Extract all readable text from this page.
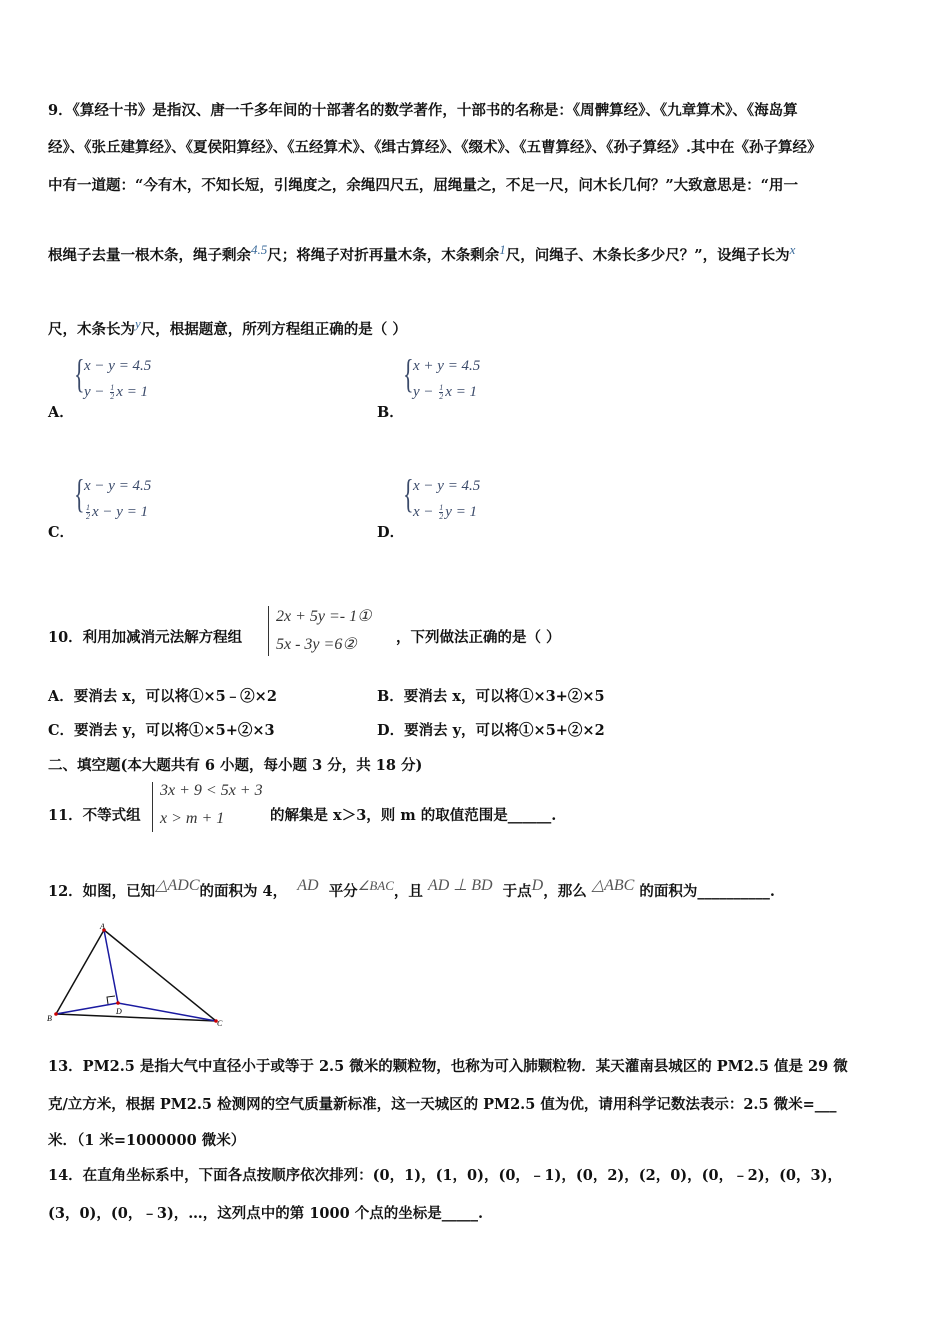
9．《算经十书》是指汉、唐一千多年间的十部著名的数学著作，十部书的名称是：《周髀算经》、《九章算术》、《海岛算
经》、《张丘建算经》、《夏侯阳算经》、《五经算术》、《缉古算经》、《缀术》、《五曹算经》、《孙子算经》.其中在《孙子算经》
中有一道题：“今有木，不知长短，引绳度之，余绳四尺五，屈绳量之，不足一尺，问木长几何？”大致意思是：“用一
根绳子去量一根木条，绳子剩余$^{4.5}$尺；将绳子对折再量木条，木条剩余$^1$尺，问绳子、木条长多少尺？”，设绳子长为$^x$
尺，木条长为$^y$尺，根据题意，所列方程组正确的是（ ）
A．
{ x − y = 4.5
$y - \frac{1}{2}$ x = 1
B．
{ x + y = 4.5
$y - \frac{1}{2}$ x = 1
C．
{ x − y = 4.5
$\frac{1}{2}$ x − y = 1
D．
{ x − y = 4.5
$x - \frac{1}{2}$ y = 1
10．利用加减消元法解方程组
2x + 5y =- 1①
5x - 3y =6②	，下列做法正确的是（ ）
A．要消去 x，可以将①×5﹣②×2	B．要消去 x，可以将①×3+②×5
C．要消去 y，可以将①×5+②×3	D．要消去 y，可以将①×5+②×2
二、填空题(本大题共有 6 小题，每小题 3 分，共 18 分)
11．不等式组
3x + 9 < 5x + 3
x > m + 1	的解集是 x＞3，则 m 的取值范围是______.
12．如图，已知$^{\triangle ADC}$的面积为 4， $^{AD}$ 平分$^{\angle BAC}$，且 $^{AD \perp BD}$ 于点$^D$，那么 $^{\triangle ABC}$ 的面积为__________.
A
B
C
D
13．PM2.5 是指大气中直径小于或等于 2.5 微米的颗粒物，也称为可入肺颗粒物．某天灌南县城区的 PM2.5 值是 29 微
克/立方米，根据 PM2.5 检测网的空气质量新标准，这一天城区的 PM2.5 值为优，请用科学记数法表示：2.5 微米=___
米．（1 米=1000000 微米）
14．在直角坐标系中，下面各点按顺序依次排列：(0，1)，(1，0)，(0，﹣1)，(0，2)，(2，0)，(0，﹣2)，(0，3)，
(3，0)，(0，﹣3)，…，这列点中的第 1000 个点的坐标是_____.
